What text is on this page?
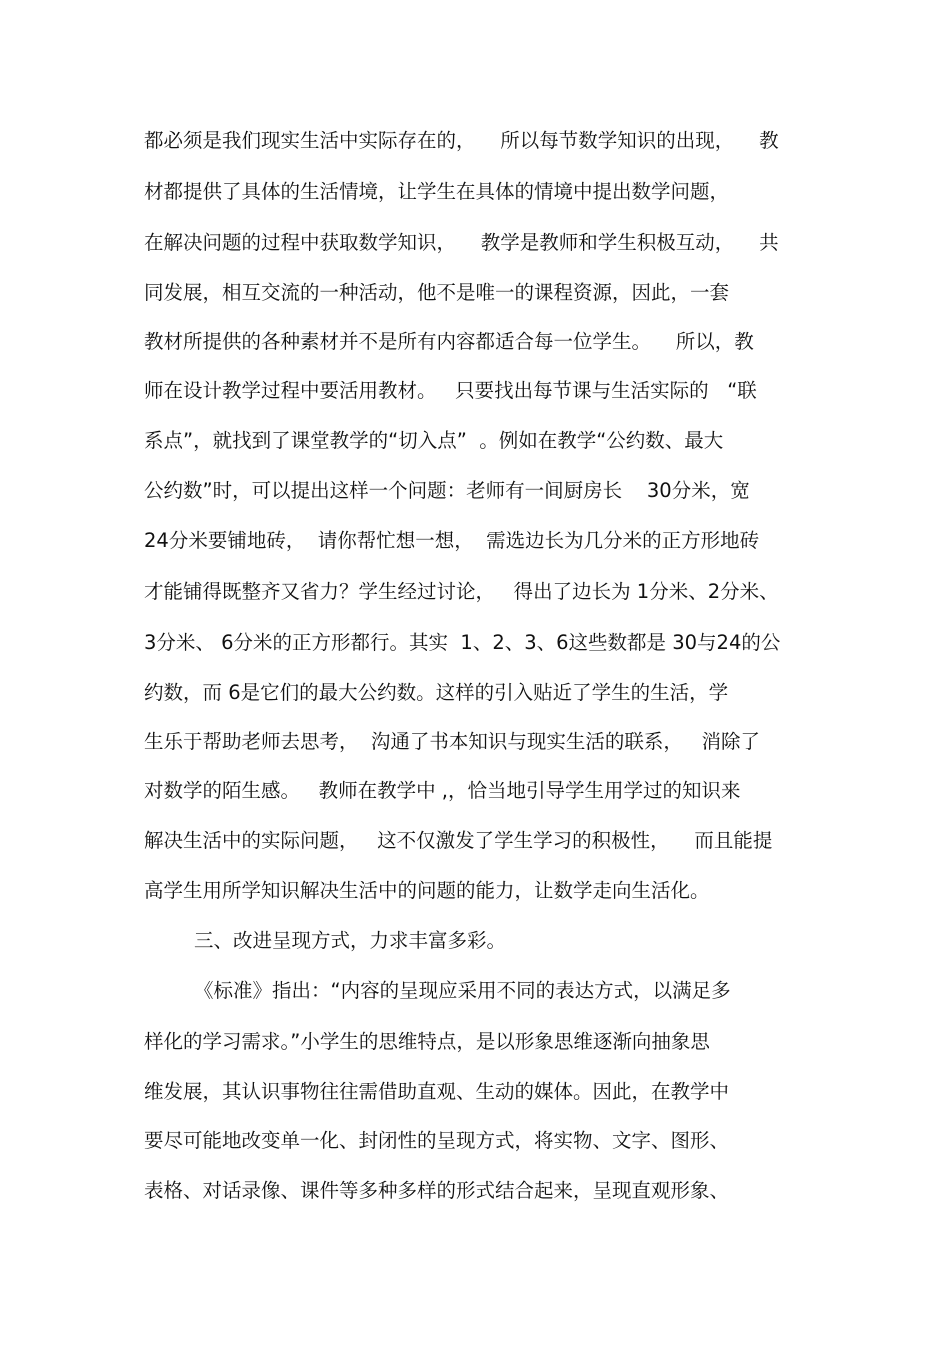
都必须是我们现实生活中实际存在的，    所以每节数学知识的出现，    教
材都提供了具体的生活情境，让学生在具体的情境中提出数学问题，
在解决问题的过程中获取数学知识，    教学是教师和学生积极互动，    共
同发展，相互交流的一种活动，他不是唯一的课程资源，因此，一套
教材所提供的各种素材并不是所有内容都适合每一位学生。    所以，教
师在设计教学过程中要活用教材。   只要找出每节课与生活实际的   “联
系点”，就找到了课堂教学的“切入点”  。例如在教学“公约数、最大
公约数”时，可以提出这样一个问题：老师有一间厨房长    30分米，宽
24分米要铺地砖，  请你帮忙想一想，  需选边长为几分米的正方形地砖
才能铺得既整齐又省力？学生经过讨论，   得出了边长为 1分米、2分米、
3分米、 6分米的正方形都行。其实  1、2、3、6这些数都是 30与24的公
约数，而 6是它们的最大公约数。这样的引入贴近了学生的生活，学
生乐于帮助老师去思考，  沟通了书本知识与现实生活的联系，   消除了
对数学的陌生感。   教师在教学中 ,，恰当地引导学生用学过的知识来
解决生活中的实际问题，   这不仅激发了学生学习的积极性，    而且能提
高学生用所学知识解决生活中的问题的能力，让数学走向生活化。
三、改进呈现方式，力求丰富多彩。
《标准》指出：“内容的呈现应采用不同的表达方式，以满足多
样化的学习需求。”小学生的思维特点，是以形象思维逐渐向抽象思
维发展，其认识事物往往需借助直观、生动的媒体。因此，在教学中
要尽可能地改变单一化、封闭性的呈现方式，将实物、文字、图形、
表格、对话录像、课件等多种多样的形式结合起来，呈现直观形象、
